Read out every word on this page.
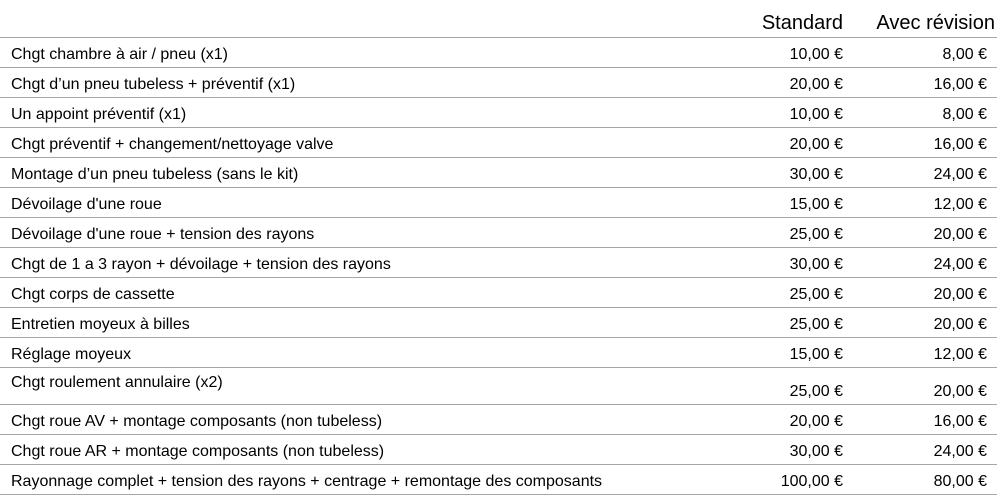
	Standard	Avec révision
Chgt chambre à air / pneu (x1)	10,00 €	8,00 €
Chgt d’un pneu tubeless + préventif (x1)	20,00 €	16,00 €
Un appoint préventif (x1)	10,00 €	8,00 €
Chgt préventif + changement/nettoyage valve	20,00 €	16,00 €
Montage d’un pneu tubeless (sans le kit)	30,00 €	24,00 €
Dévoilage d'une roue	15,00 €	12,00 €
Dévoilage d'une roue + tension des rayons	25,00 €	20,00 €
Chgt de 1 a 3 rayon + dévoilage + tension des rayons	30,00 €	24,00 €
Chgt corps de cassette	25,00 €	20,00 €
Entretien moyeux à billes	25,00 €	20,00 €
Réglage moyeux	15,00 €	12,00 €
Chgt roulement annulaire (x2)	25,00 €	20,00 €
Chgt roue AV + montage composants (non tubeless)	20,00 €	16,00 €
Chgt roue AR + montage composants (non tubeless)	30,00 €	24,00 €
Rayonnage complet + tension des rayons + centrage + remontage des composants	100,00 €	80,00 €
